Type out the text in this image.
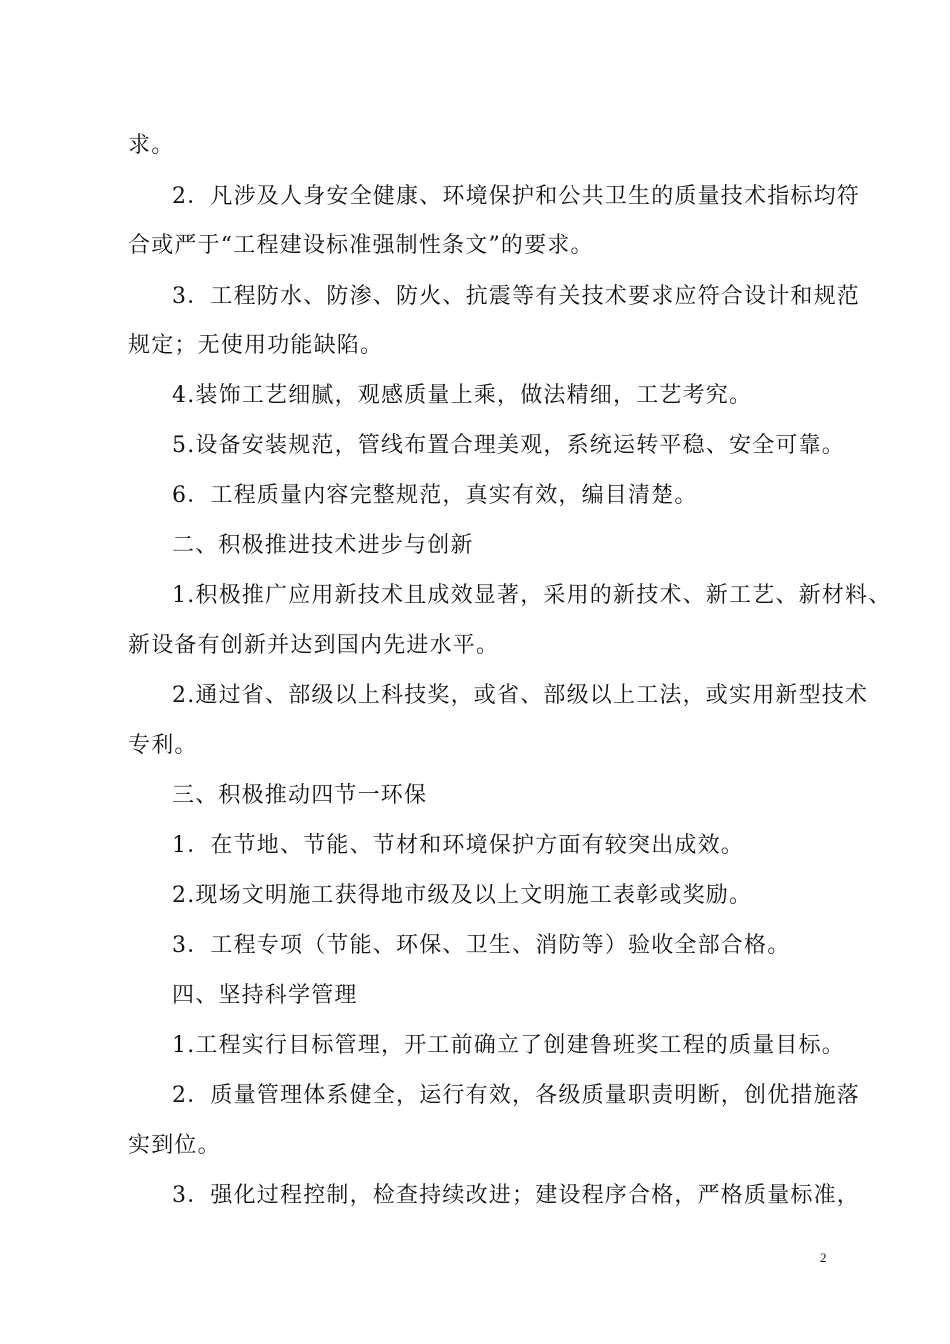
求。
2．凡涉及人身安全健康、环境保护和公共卫生的质量技术指标均符
合或严于“工程建设标准强制性条文”的要求。
3．工程防水、防渗、防火、抗震等有关技术要求应符合设计和规范
规定；无使用功能缺陷。
4.装饰工艺细腻，观感质量上乘，做法精细，工艺考究。
5.设备安装规范，管线布置合理美观，系统运转平稳、安全可靠。
6．工程质量内容完整规范，真实有效，编目清楚。
二、积极推进技术进步与创新
1.积极推广应用新技术且成效显著，采用的新技术、新工艺、新材料、
新设备有创新并达到国内先进水平。
2.通过省、部级以上科技奖，或省、部级以上工法，或实用新型技术
专利。
三、积极推动四节一环保
1．在节地、节能、节材和环境保护方面有较突出成效。
2.现场文明施工获得地市级及以上文明施工表彰或奖励。
3．工程专项（节能、环保、卫生、消防等）验收全部合格。
四、坚持科学管理
1.工程实行目标管理，开工前确立了创建鲁班奖工程的质量目标。
2．质量管理体系健全，运行有效，各级质量职责明断，创优措施落
实到位。
3．强化过程控制，检查持续改进；建设程序合格，严格质量标准，
2
